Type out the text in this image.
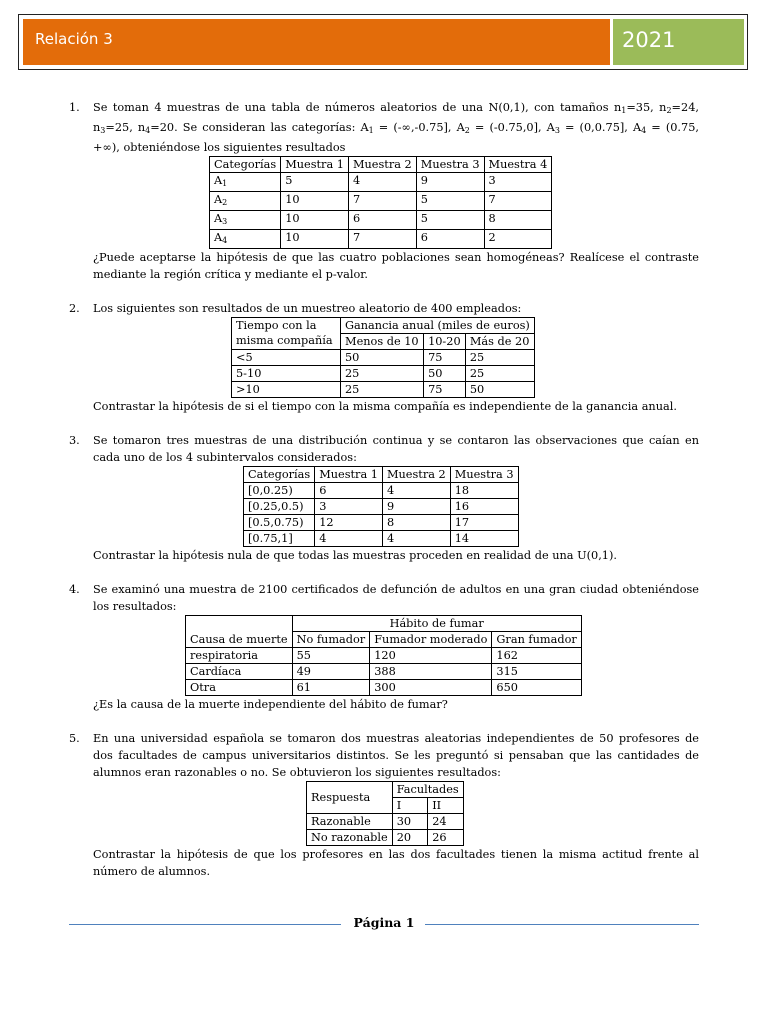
Relación 3	2021
1.	Se toman 4 muestras de una tabla de números aleatorios de una N(0,1), con tamaños $n_1=35$, $n_2=24$, $n_3=25$, $n_4=20$. Se consideran las categorías: $A_1 = (-\infty,-0.75]$, $A_2 = (-0.75,0]$, $A_3 = (0,0.75]$, $A_4 = (0.75$, +∞), obteniéndose los siguientes resultados
Categorías	Muestra 1	Muestra 2	Muestra 3	Muestra 4
$A_1$	5	4	9	3
$A_2$	10	7	5	7
$A_3$	10	6	5	8
$A_4$	10	7	6	2
¿Puede aceptarse la hipótesis de que las cuatro poblaciones sean homogéneas? Realícese el contraste mediante la región crítica y mediante el p-valor.
2.	Los siguientes son resultados de un muestreo aleatorio de 400 empleados:
Tiempo con la misma compañía	Ganancia anual (miles de euros)		
	Menos de 10	10-20	Más de 20
<5	50	75	25
5-10	25	50	25
>10	25	75	50
Contrastar la hipótesis de si el tiempo con la misma compañía es independiente de la ganancia anual.
3.	Se tomaron tres muestras de una distribución continua y se contaron las observaciones que caían en cada uno de los 4 subintervalos considerados:
Categorías	Muestra 1	Muestra 2	Muestra 3
[0,0.25)	6	4	18
[0.25,0.5)	3	9	16
[0.5,0.75)	12	8	17
[0.75,1]	4	4	14
Contrastar la hipótesis nula de que todas las muestras proceden en realidad de una U(0,1).
4.	Se examinó una muestra de 2100 certificados de defunción de adultos en una gran ciudad obteniéndose los resultados:
Causa de muerte	Hábito de fumar		
	No fumador	Fumador moderado	Gran fumador
respiratoria	55	120	162
Cardíaca	49	388	315
Otra	61	300	650
¿Es la causa de la muerte independiente del hábito de fumar?
5.	En una universidad española se tomaron dos muestras aleatorias independientes de 50 profesores de dos facultades de campus universitarios distintos. Se les preguntó si pensaban que las cantidades de alumnos eran razonables o no. Se obtuvieron los siguientes resultados:
Respuesta	Facultades	
	I	II
Razonable	30	24
No razonable	20	26
Contrastar la hipótesis de que los profesores en las dos facultades tienen la misma actitud frente al número de alumnos.
Página 1
